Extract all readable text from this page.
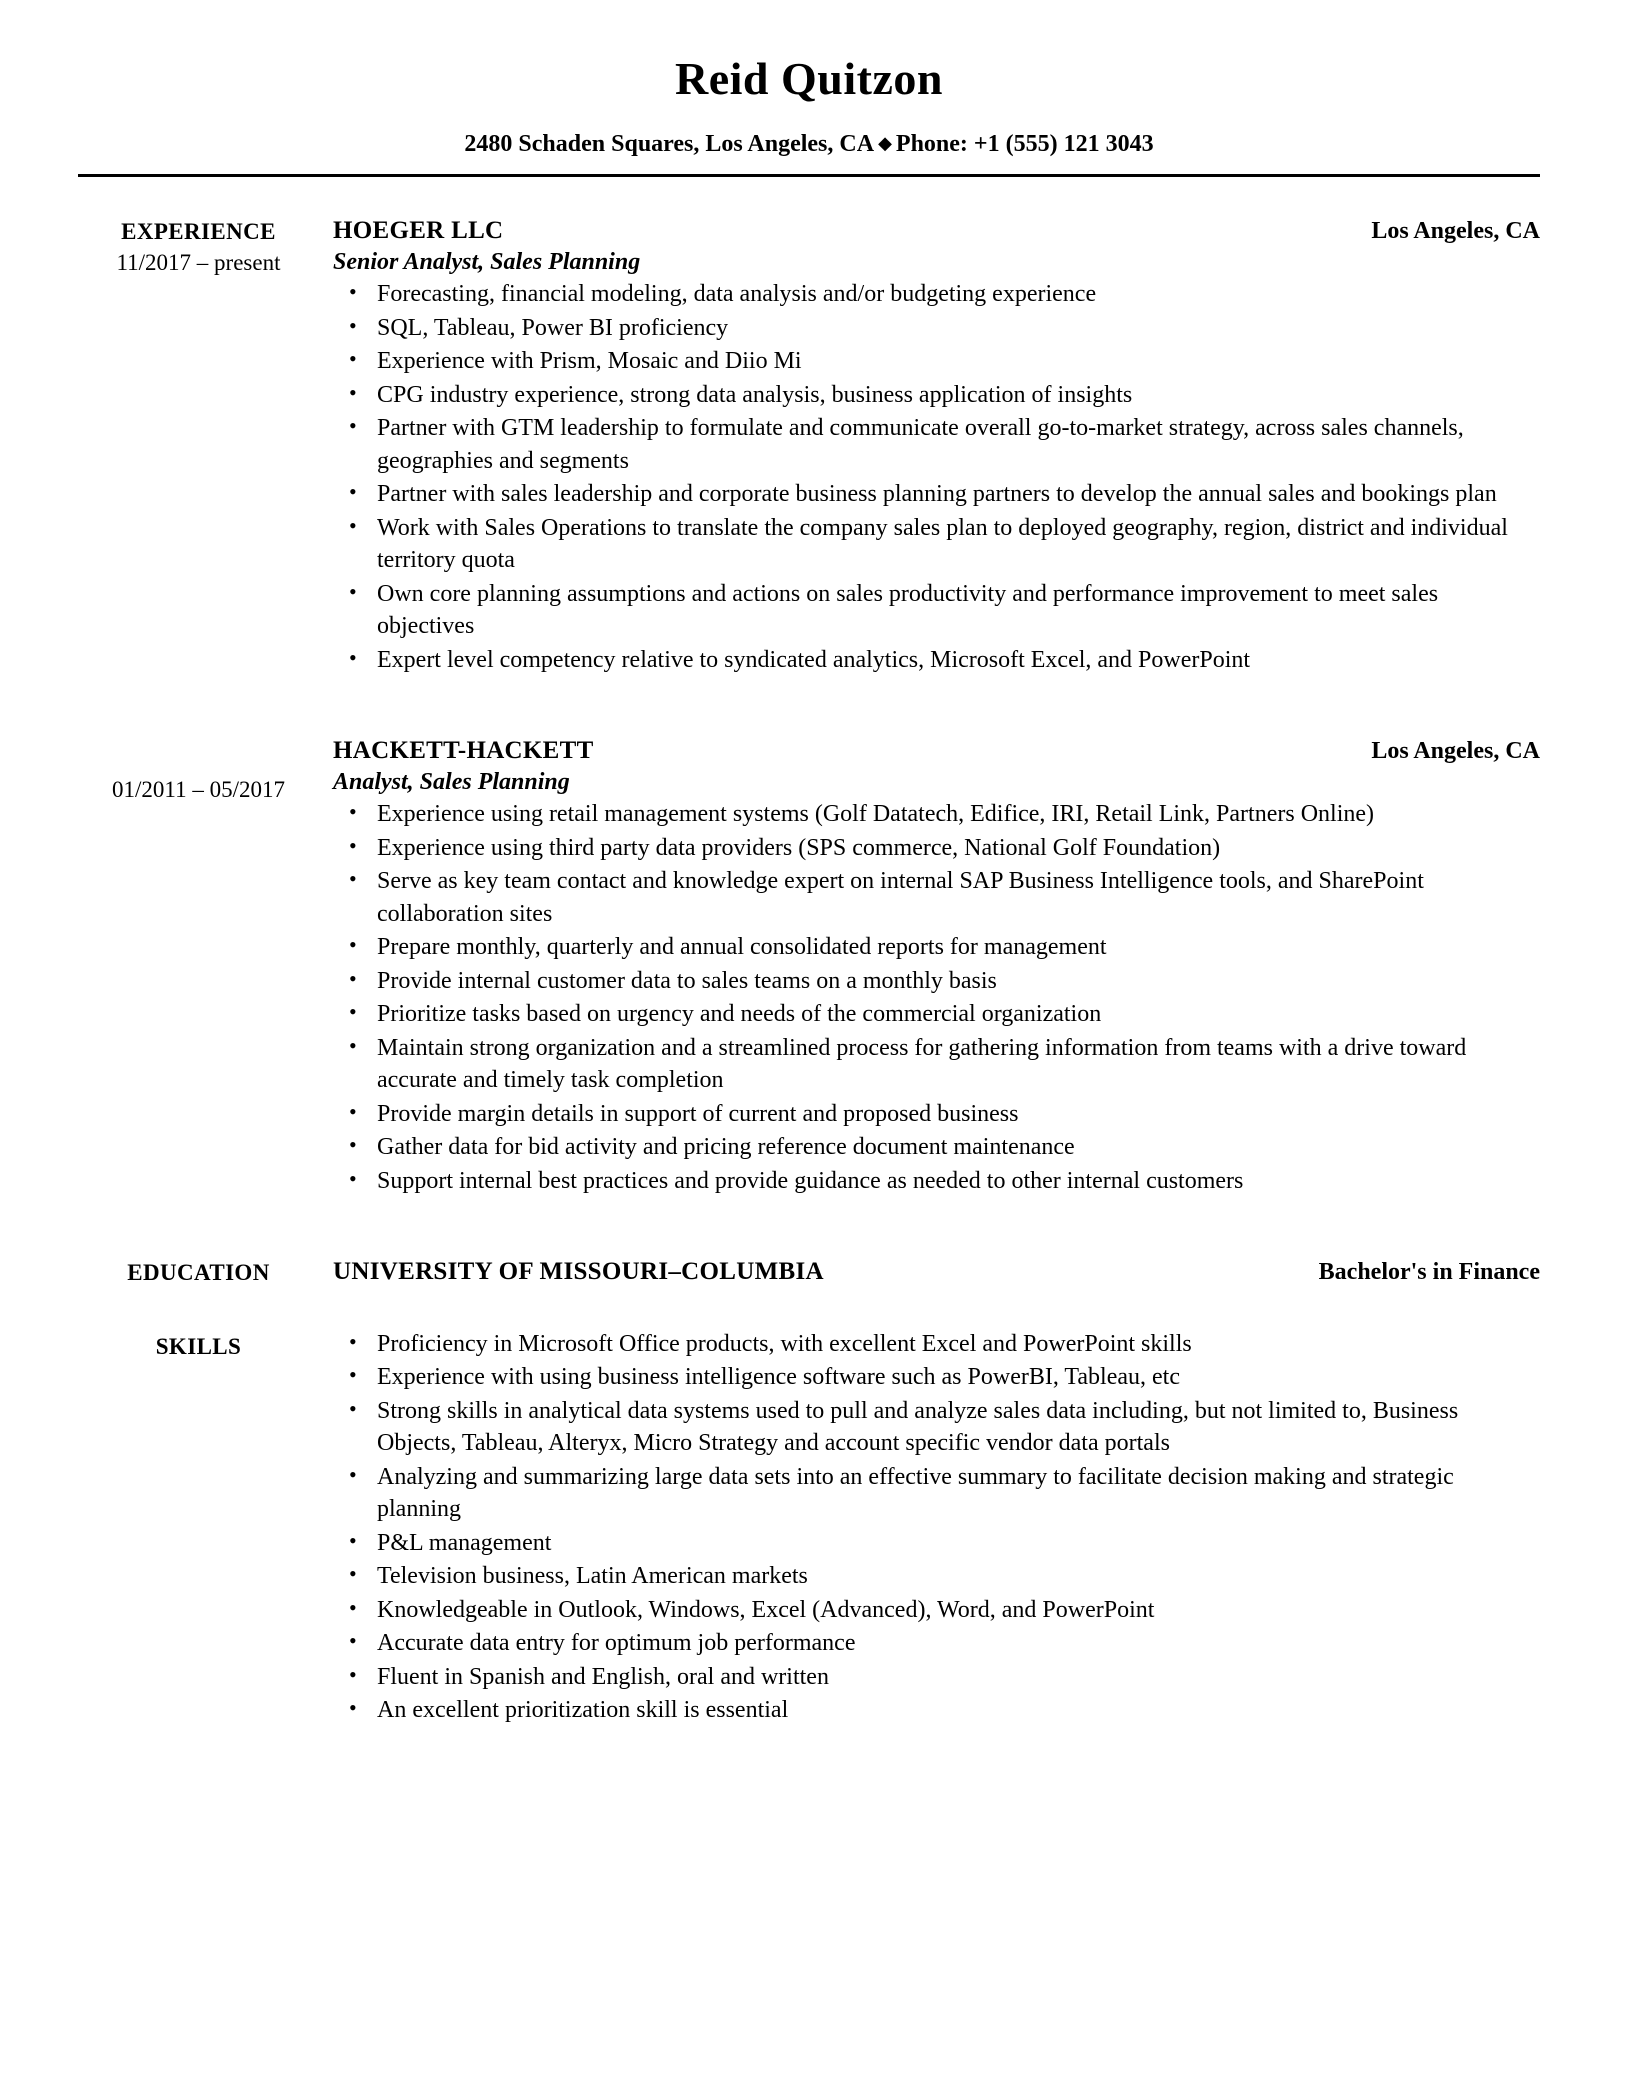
Reid Quitzon
2480 Schaden Squares, Los Angeles, CA ◆ Phone: +1 (555) 121 3043
EXPERIENCE
11/2017 – present
HOEGER LLC	Los Angeles, CA
Senior Analyst, Sales Planning
• Forecasting, financial modeling, data analysis and/or budgeting experience
• SQL, Tableau, Power BI proficiency
• Experience with Prism, Mosaic and Diio Mi
• CPG industry experience, strong data analysis, business application of insights
• Partner with GTM leadership to formulate and communicate overall go-to-market strategy, across sales channels, geographies and segments
• Partner with sales leadership and corporate business planning partners to develop the annual sales and bookings plan
• Work with Sales Operations to translate the company sales plan to deployed geography, region, district and individual territory quota
• Own core planning assumptions and actions on sales productivity and performance improvement to meet sales objectives
• Expert level competency relative to syndicated analytics, Microsoft Excel, and PowerPoint
01/2011 – 05/2017
HACKETT-HACKETT	Los Angeles, CA
Analyst, Sales Planning
• Experience using retail management systems (Golf Datatech, Edifice, IRI, Retail Link, Partners Online)
• Experience using third party data providers (SPS commerce, National Golf Foundation)
• Serve as key team contact and knowledge expert on internal SAP Business Intelligence tools, and SharePoint collaboration sites
• Prepare monthly, quarterly and annual consolidated reports for management
• Provide internal customer data to sales teams on a monthly basis
• Prioritize tasks based on urgency and needs of the commercial organization
• Maintain strong organization and a streamlined process for gathering information from teams with a drive toward accurate and timely task completion
• Provide margin details in support of current and proposed business
• Gather data for bid activity and pricing reference document maintenance
• Support internal best practices and provide guidance as needed to other internal customers
EDUCATION	UNIVERSITY OF MISSOURI–COLUMBIA	Bachelor's in Finance
SKILLS	• Proficiency in Microsoft Office products, with excellent Excel and PowerPoint skills
• Experience with using business intelligence software such as PowerBI, Tableau, etc
• Strong skills in analytical data systems used to pull and analyze sales data including, but not limited to, Business Objects, Tableau, Alteryx, Micro Strategy and account specific vendor data portals
• Analyzing and summarizing large data sets into an effective summary to facilitate decision making and strategic planning
• P&L management
• Television business, Latin American markets
• Knowledgeable in Outlook, Windows, Excel (Advanced), Word, and PowerPoint
• Accurate data entry for optimum job performance
• Fluent in Spanish and English, oral and written
• An excellent prioritization skill is essential
